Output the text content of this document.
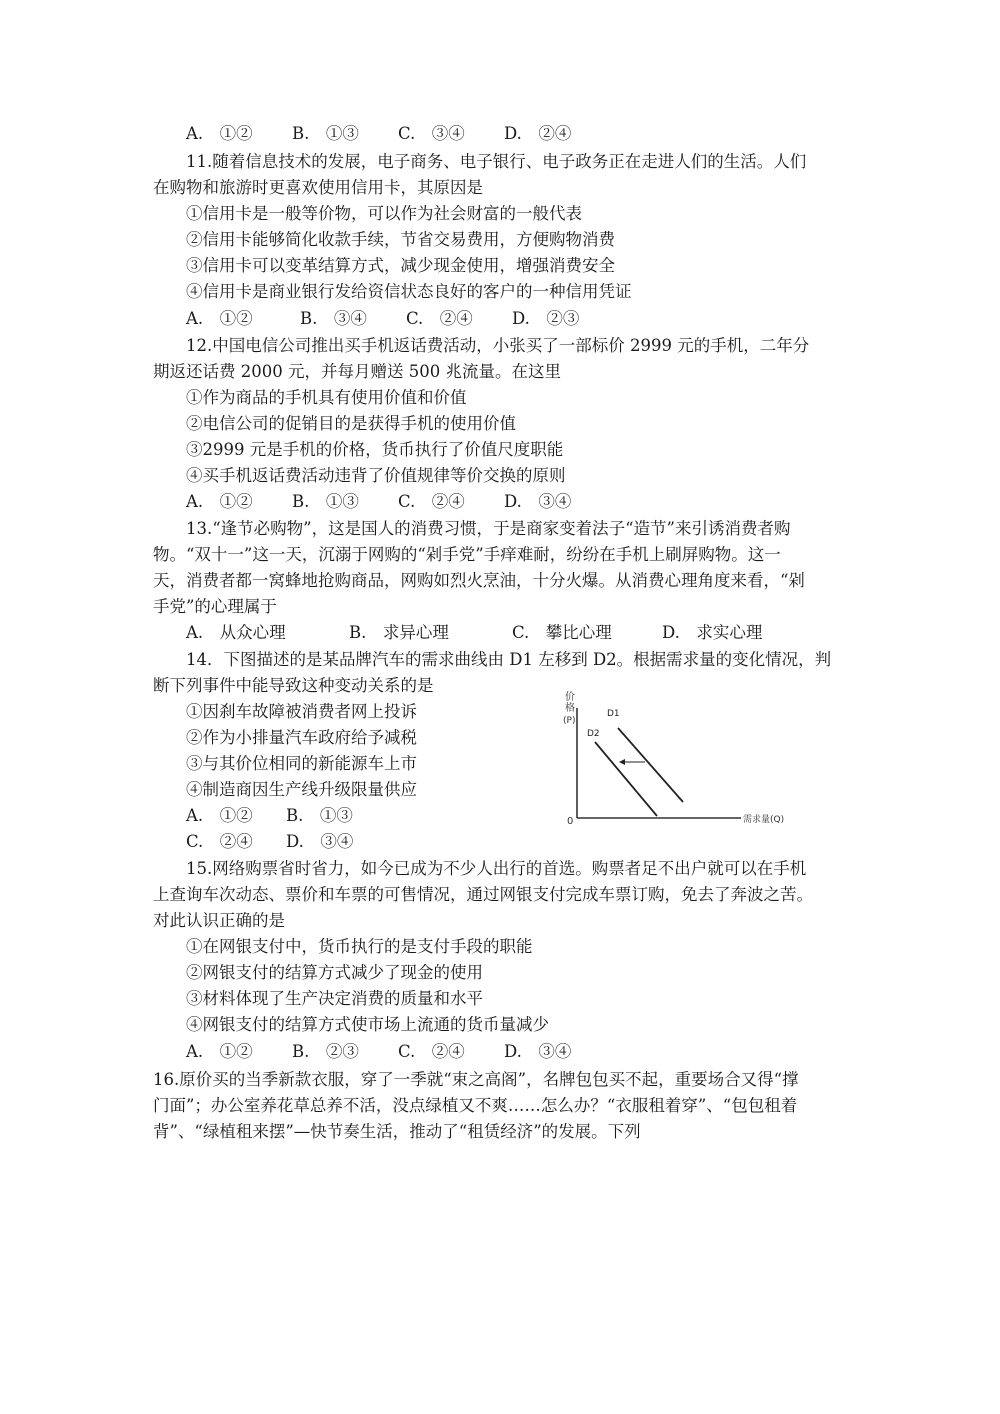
A.　①② B.　①③ C.　③④ D.　②④
11.随着信息技术的发展，电子商务、电子银行、电子政务正在走进人们的生活。人们
在购物和旅游时更喜欢使用信用卡，其原因是
①信用卡是一般等价物，可以作为社会财富的一般代表
②信用卡能够简化收款手续，节省交易费用，方便购物消费
③信用卡可以变革结算方式，减少现金使用，增强消费安全
④信用卡是商业银行发给资信状态良好的客户的一种信用凭证
A.　①②	B.　③④ C.　②④ D.　②③
12.中国电信公司推出买手机返话费活动，小张买了一部标价 2999 元的手机，二年分
期返还话费 2000 元，并每月赠送 500 兆流量。在这里
①作为商品的手机具有使用价值和价值
②电信公司的促销目的是获得手机的使用价值
③2999 元是手机的价格，货币执行了价值尺度职能
④买手机返话费活动违背了价值规律等价交换的原则
A.　①② B.　①③ C.　②④ D.　③④
13.“逢节必购物”，这是国人的消费习惯，于是商家变着法子“造节”来引诱消费者购
物。“双十一”这一天，沉溺于网购的“剁手党”手痒难耐，纷纷在手机上刷屏购物。这一
天，消费者都一窝蜂地抢购商品，网购如烈火烹油，十分火爆。从消费心理角度来看，“剁
手党”的心理属于
A.　从众心理	B.　求异心理	C.　攀比心理	D.　求实心理
14．下图描述的是某品牌汽车的需求曲线由 D1 左移到 D2。根据需求量的变化情况，判
断下列事件中能导致这种变动关系的是
①因刹车故障被消费者网上投诉
②作为小排量汽车政府给予减税
③与其价位相同的新能源车上市
④制造商因生产线升级限量供应
A.　①② B.　①③
C.　②④ D.　③④
价
格
(P)
0	需求量(Q)
D1
D2
15.网络购票省时省力，如今已成为不少人出行的首选。购票者足不出户就可以在手机
上查询车次动态、票价和车票的可售情况，通过网银支付完成车票订购，免去了奔波之苦。
对此认识正确的是
①在网银支付中，货币执行的是支付手段的职能
②网银支付的结算方式减少了现金的使用
③材料体现了生产决定消费的质量和水平
④网银支付的结算方式使市场上流通的货币量减少
A.　①② B.　②③ C.　②④ D.　③④
16.原价买的当季新款衣服，穿了一季就“束之高阁”，名牌包包买不起，重要场合又得“撑
门面”；办公室养花草总养不活，没点绿植又不爽……怎么办？“衣服租着穿”、“包包租着
背”、“绿植租来摆”—快节奏生活，推动了“租赁经济”的发展。下列
